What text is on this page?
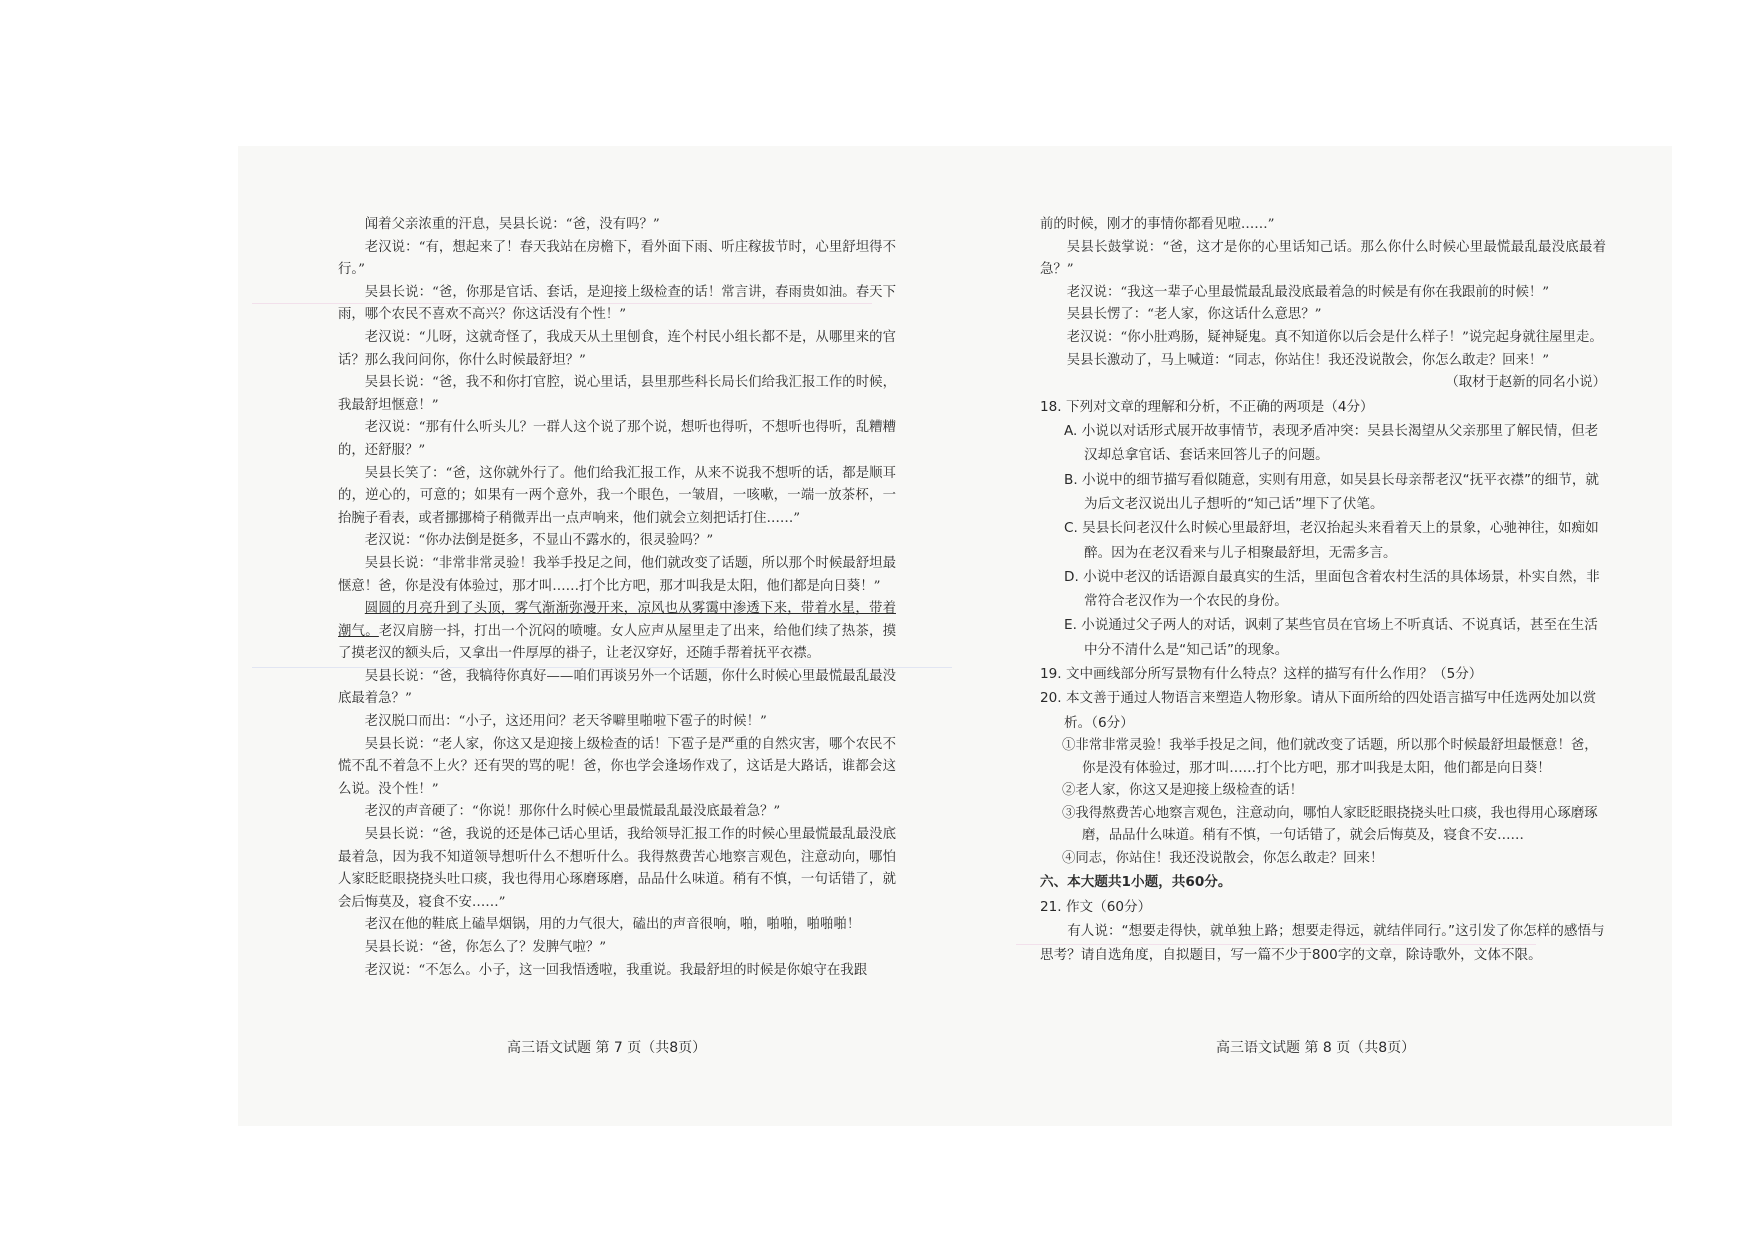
闻着父亲浓重的汗息，吴县长说：“爸，没有吗？”

老汉说：“有，想起来了！春天我站在房檐下，看外面下雨、听庄稼拔节时，心里舒坦得不行。”

吴县长说：“爸，你那是官话、套话，是迎接上级检查的话！常言讲，春雨贵如油。春天下雨，哪个农民不喜欢不高兴？你这话没有个性！”

老汉说：“儿呀，这就奇怪了，我成天从土里刨食，连个村民小组长都不是，从哪里来的官话？那么我问问你，你什么时候最舒坦？”

吴县长说：“爸，我不和你打官腔，说心里话，县里那些科长局长们给我汇报工作的时候，我最舒坦惬意！”

老汉说：“那有什么听头儿？一群人这个说了那个说，想听也得听，不想听也得听，乱糟糟的，还舒服？”

吴县长笑了：“爸，这你就外行了。他们给我汇报工作，从来不说我不想听的话，都是顺耳的，逆心的，可意的；如果有一两个意外，我一个眼色，一皱眉，一咳嗽，一端一放茶杯，一抬腕子看表，或者挪挪椅子稍微弄出一点声响来，他们就会立刻把话打住……”

老汉说：“你办法倒是挺多，不显山不露水的，很灵验吗？”

吴县长说：“非常非常灵验！我举手投足之间，他们就改变了话题，所以那个时候最舒坦最惬意！爸，你是没有体验过，那才叫……打个比方吧，那才叫我是太阳，他们都是向日葵！”

圆圆的月亮升到了头顶，雾气渐渐弥漫开来，凉风也从雾霭中渗透下来，带着水星，带着潮气。老汉肩膀一抖，打出一个沉闷的喷嚏。女人应声从屋里走了出来，给他们续了热茶，摸了摸老汉的额头后，又拿出一件厚厚的褂子，让老汉穿好，还随手帮着抚平衣襟。

吴县长说：“爸，我犒待你真好——咱们再谈另外一个话题，你什么时候心里最慌最乱最没底最着急？”

老汉脱口而出：“小子，这还用问？老天爷噼里啪啦下雹子的时候！”

吴县长说：“老人家，你这又是迎接上级检查的话！下雹子是严重的自然灾害，哪个农民不慌不乱不着急不上火？还有哭的骂的呢！爸，你也学会逢场作戏了，这话是大路话，谁都会这么说。没个性！”

老汉的声音硬了：“你说！那你什么时候心里最慌最乱最没底最着急？”

吴县长说：“爸，我说的还是体己话心里话，我给领导汇报工作的时候心里最慌最乱最没底最着急，因为我不知道领导想听什么不想听什么。我得熬费苦心地察言观色，注意动向，哪怕人家眨眨眼挠挠头吐口痰，我也得用心琢磨琢磨，品品什么味道。稍有不慎，一句话错了，就会后悔莫及，寝食不安……”

老汉在他的鞋底上磕旱烟锅，用的力气很大，磕出的声音很响，啪，啪啪，啪啪啪！

吴县长说：“爸，你怎么了？发脾气啦？”

老汉说：“不怎么。小子，这一回我悟透啦，我重说。我最舒坦的时候是你娘守在我跟

高三语文试题 第 7 页（共8页）

前的时候，刚才的事情你都看见啦……”

吴县长鼓掌说：“爸，这才是你的心里话知己话。那么你什么时候心里最慌最乱最没底最着急？”

老汉说：“我这一辈子心里最慌最乱最没底最着急的时候是有你在我跟前的时候！”

吴县长愣了：“老人家，你这话什么意思？”

老汉说：“你小肚鸡肠，疑神疑鬼。真不知道你以后会是什么样子！”说完起身就往屋里走。

吴县长激动了，马上喊道：“同志，你站住！我还没说散会，你怎么敢走？回来！”

（取材于赵新的同名小说）

18. 下列对文章的理解和分析，不正确的两项是（4分）

A. 小说以对话形式展开故事情节，表现矛盾冲突：吴县长渴望从父亲那里了解民情，但老汉却总拿官话、套话来回答儿子的问题。

B. 小说中的细节描写看似随意，实则有用意，如吴县长母亲帮老汉“抚平衣襟”的细节，就为后文老汉说出儿子想听的“知己话”埋下了伏笔。

C. 吴县长问老汉什么时候心里最舒坦，老汉抬起头来看着天上的景象，心驰神往，如痴如醉。因为在老汉看来与儿子相聚最舒坦，无需多言。

D. 小说中老汉的话语源自最真实的生活，里面包含着农村生活的具体场景，朴实自然，非常符合老汉作为一个农民的身份。

E. 小说通过父子两人的对话，讽刺了某些官员在官场上不听真话、不说真话，甚至在生活中分不清什么是“知己话”的现象。

19. 文中画线部分所写景物有什么特点？这样的描写有什么作用？（5分）

20. 本文善于通过人物语言来塑造人物形象。请从下面所给的四处语言描写中任选两处加以赏析。（6分）

①非常非常灵验！我举手投足之间，他们就改变了话题，所以那个时候最舒坦最惬意！爸，你是没有体验过，那才叫……打个比方吧，那才叫我是太阳，他们都是向日葵！

②老人家，你这又是迎接上级检查的话！

③我得熬费苦心地察言观色，注意动向，哪怕人家眨眨眼挠挠头吐口痰，我也得用心琢磨琢磨，品品什么味道。稍有不慎，一句话错了，就会后悔莫及，寝食不安……

④同志，你站住！我还没说散会，你怎么敢走？回来！

六、本大题共1小题，共60分。

21. 作文（60分）

有人说：“想要走得快，就单独上路；想要走得远，就结伴同行。”这引发了你怎样的感悟与思考？请自选角度，自拟题目，写一篇不少于800字的文章，除诗歌外，文体不限。

高三语文试题 第 8 页（共8页）
